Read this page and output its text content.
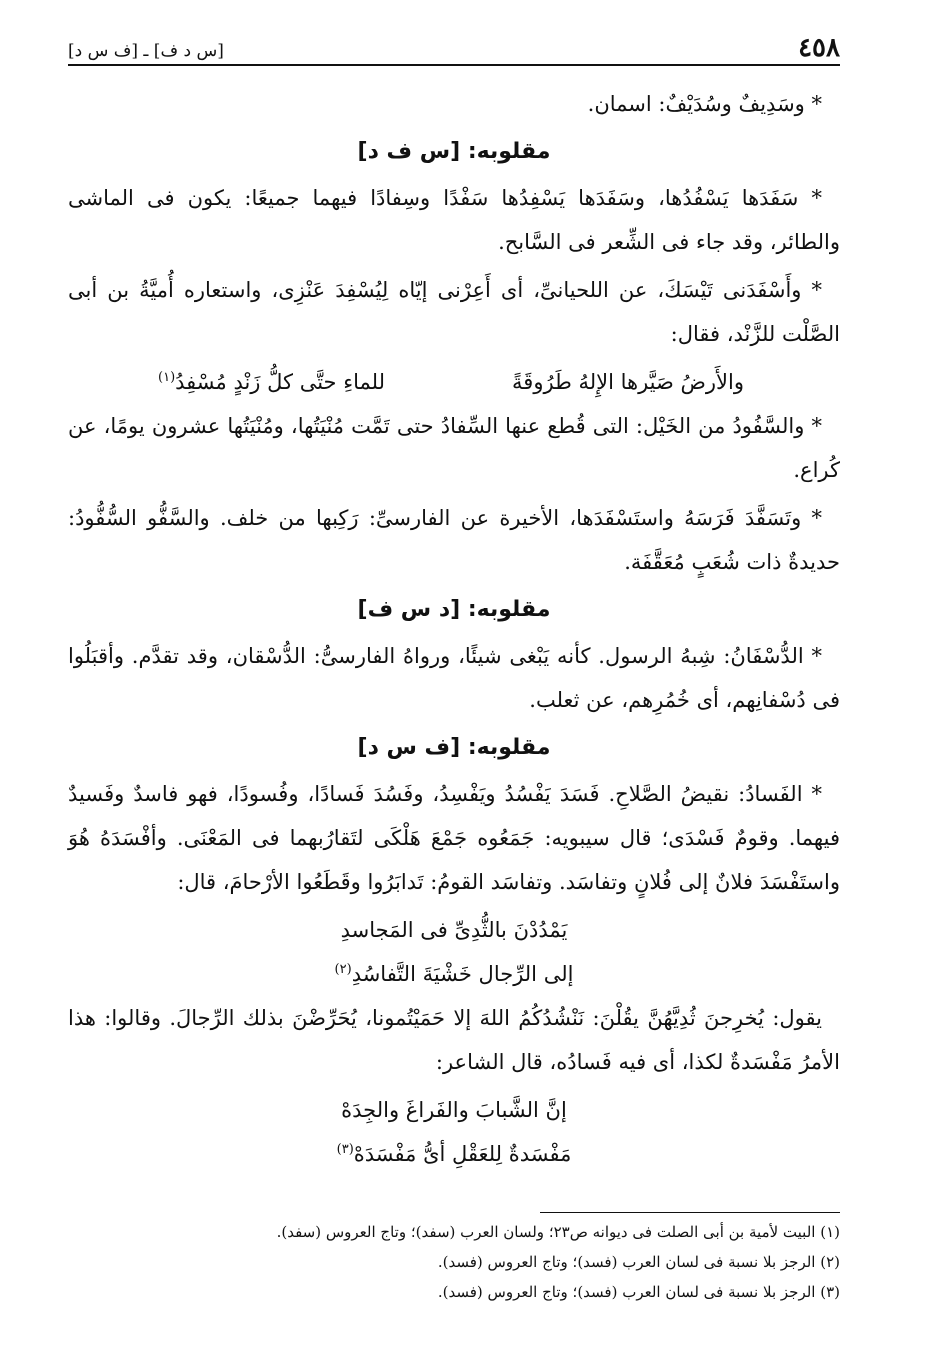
٤٥٨
[س د ف] ـ [ف س د]

* وسَدِيفٌ وسُدَيْفٌ: اسمان.

مقلوبه: [س ف د]

* سَفَدَها يَسْفُدُها، وسَفَدَها يَسْفِدُها سَفْدًا وسِفادًا فيهما جميعًا: يكون فى الماشى والطائر، وقد جاء فى الشِّعر فى السَّابح.

* وأَسْفَدَنى تَيْسَكَ، عن اللحيانىِّ، أى أَعِرْنى إيّاه لِيُسْفِدَ عَنْزِى، واستعاره أُميَّةُ بن أبى الصَّلْت للزَّنْد، فقال:

والأَرضُ صَيَّرها الإِلهُ طَرُوقَةً
للماءِ حتَّى كلُّ زَنْدٍ مُسْفِدُ$^{(١)}$

* والسَّفُودُ من الخَيْل: التى قُطع عنها السِّفادُ حتى تَمَّت مُنْيَتُها، ومُنْيَتُها عشرون يومًا، عن كُراع.

* وتَسَفَّدَ فَرَسَهُ واستَسْفَدَها، الأخيرة عن الفارسىِّ: رَكِبها من خلف. والسَّفُّو السُّفُّودُ: حديدةٌ ذات شُعَبٍ مُعَقَّفَة.

مقلوبه: [د س ف]

* الدُّسْفَانُ: شِبهُ الرسول. كأنه يَبْغى شيئًا، ورواهُ الفارسىُّ: الدُّسْقان، وقد تقدَّم. وأقبَلُوا فى دُسْفانِهم، أى خُمُرِهم، عن ثعلب.

مقلوبه: [ف س د]

* الفَسادُ: نقيضُ الصَّلاحِ. فَسَدَ يَفْسُدُ ويَفْسِدُ، وفَسُدَ فَسادًا، وفُسودًا، فهو فاسدٌ وفَسيدٌ فيهما. وقومٌ فَسْدَى؛ قال سيبويه: جَمَعُوه جَمْعَ هَلْكَى لتَقارُبهما فى المَعْنَى. وأفْسَدَهُ هُوَ واستَفْسَدَ فلانٌ إلى فُلانٍ وتفاسَد. وتفاسَد القومُ: تَدابَرُوا وقَطَعُوا الأرْحامَ، قال:

يَمْدُدْنَ بالثُّدِىِّ فى المَجاسدِ
إلى الرِّجال خَشْيَةَ التَّفاسُدِ$^{(٢)}$

يقول: يُخرِجنَ ثُدِيَّهُنَّ يقُلْنَ: نَنْشُدُكُمُ اللهَ إلا حَمَيْتُمونا، يُحَرِّضْنَ بذلك الرِّجالَ. وقالوا: هذا الأمرُ مَفْسَدةٌ لكذا، أى فيه فَسادُه، قال الشاعر:

إنَّ الشَّبابَ والفَراغَ والجِدَهْ
مَفْسَدةٌ لِلعَقْلِ أىُّ مَفْسَدَهْ$^{(٣)}$
(١) البيت لأمية بن أبى الصلت فى ديوانه ص٢٣؛ ولسان العرب (سفد)؛ وتاج العروس (سفد).
(٢) الرجز بلا نسبة فى لسان العرب (فسد)؛ وتاج العروس (فسد).
(٣) الرجز بلا نسبة فى لسان العرب (فسد)؛ وتاج العروس (فسد).
